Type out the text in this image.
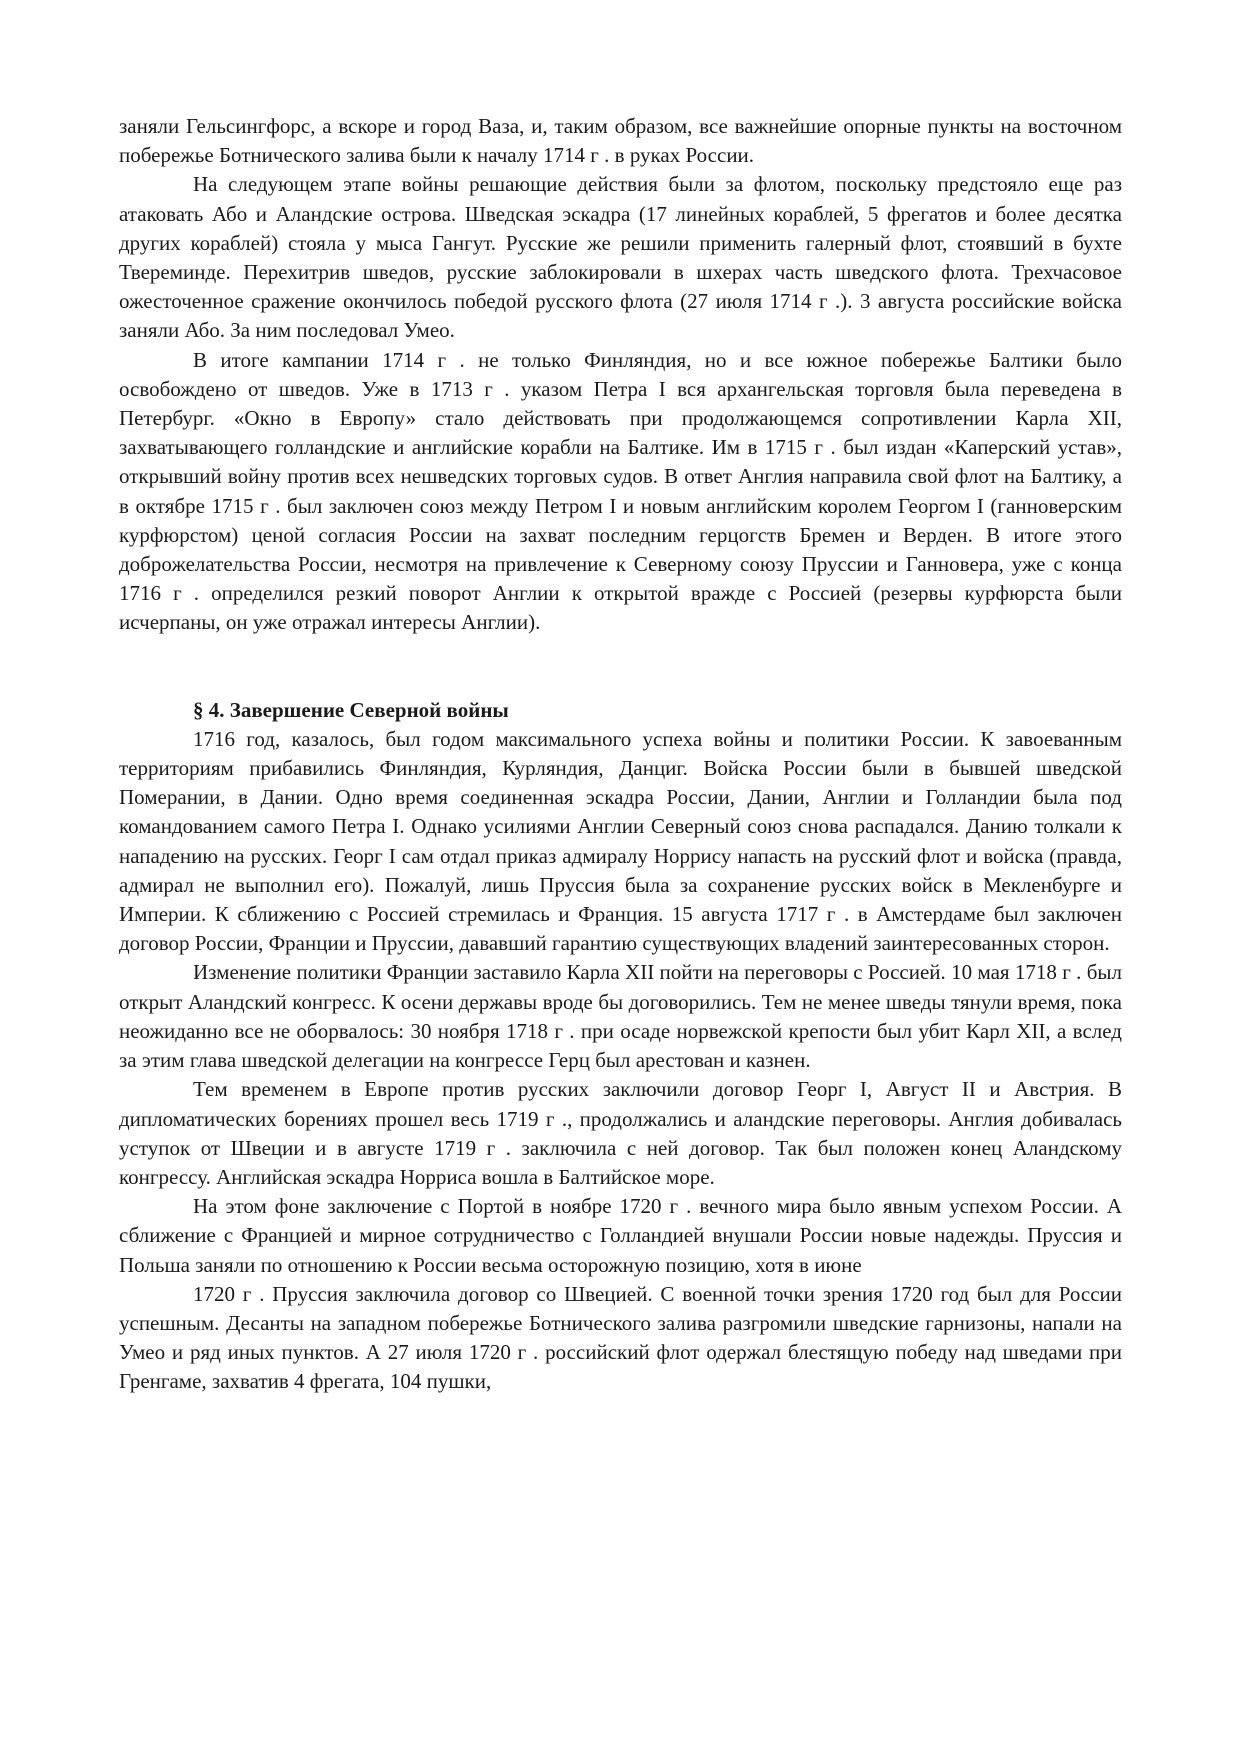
заняли Гельсингфорс, а вскоре и город Ваза, и, таким образом, все важнейшие опорные пункты на восточном побережье Ботнического залива были к началу 1714 г . в руках России.

На следующем этапе войны решающие действия были за флотом, поскольку предстояло еще раз атаковать Або и Аландские острова. Шведская эскадра (17 линейных кораблей, 5 фрегатов и более десятка других кораблей) стояла у мыса Гангут. Русские же решили применить галерный флот, стоявший в бухте Твереминде. Перехитрив шведов, русские заблокировали в шхерах часть шведского флота. Трехчасовое ожесточенное сражение окончилось победой русского флота (27 июля 1714 г .). 3 августа российские войска заняли Або. За ним последовал Умео.

В итоге кампании 1714 г . не только Финляндия, но и все южное побережье Балтики было освобождено от шведов. Уже в 1713 г . указом Петра I вся архангельская торговля была переведена в Петербург. «Окно в Европу» стало действовать при продолжающемся сопротивлении Карла XII, захватывающего голландские и английские корабли на Балтике. Им в 1715 г . был издан «Каперский устав», открывший войну против всех нешведских торговых судов. В ответ Англия направила свой флот на Балтику, а в октябре 1715 г . был заключен союз между Петром I и новым английским королем Георгом I (ганноверским курфюрстом) ценой согласия России на захват последним герцогств Бремен и Верден. В итоге этого доброжелательства России, несмотря на привлечение к Северному союзу Пруссии и Ганновера, уже с конца 1716 г . определился резкий поворот Англии к открытой вражде с Россией (резервы курфюрста были исчерпаны, он уже отражал интересы Англии).

§ 4. Завершение Северной войны

1716 год, казалось, был годом максимального успеха войны и политики России. К завоеванным территориям прибавились Финляндия, Курляндия, Данциг. Войска России были в бывшей шведской Померании, в Дании. Одно время соединенная эскадра России, Дании, Англии и Голландии была под командованием самого Петра I. Однако усилиями Англии Северный союз снова распадался. Данию толкали к нападению на русских. Георг I сам отдал приказ адмиралу Норрису напасть на русский флот и войска (правда, адмирал не выполнил его). Пожалуй, лишь Пруссия была за сохранение русских войск в Мекленбурге и Империи. К сближению с Россией стремилась и Франция. 15 августа 1717 г . в Амстердаме был заключен договор России, Франции и Пруссии, дававший гарантию существующих владений заинтересованных сторон.

Изменение политики Франции заставило Карла XII пойти на переговоры с Россией. 10 мая 1718 г . был открыт Аландский конгресс. К осени державы вроде бы договорились. Тем не менее шведы тянули время, пока неожиданно все не оборвалось: 30 ноября 1718 г . при осаде норвежской крепости был убит Карл XII, а вслед за этим глава шведской делегации на конгрессе Герц был арестован и казнен.

Тем временем в Европе против русских заключили договор Георг I, Август II и Австрия. В дипломатических борениях прошел весь 1719 г ., продолжались и аландские переговоры. Англия добивалась уступок от Швеции и в августе 1719 г . заключила с ней договор. Так был положен конец Аландскому конгрессу. Английская эскадра Норриса вошла в Балтийское море.

На этом фоне заключение с Портой в ноябре 1720 г . вечного мира было явным успехом России. А сближение с Францией и мирное сотрудничество с Голландией внушали России новые надежды. Пруссия и Польша заняли по отношению к России весьма осторожную позицию, хотя в июне

1720 г . Пруссия заключила договор со Швецией. С военной точки зрения 1720 год был для России успешным. Десанты на западном побережье Ботнического залива разгромили шведские гарнизоны, напали на Умео и ряд иных пунктов. А 27 июля 1720 г . российский флот одержал блестящую победу над шведами при Гренгаме, захватив 4 фрегата, 104 пушки,
